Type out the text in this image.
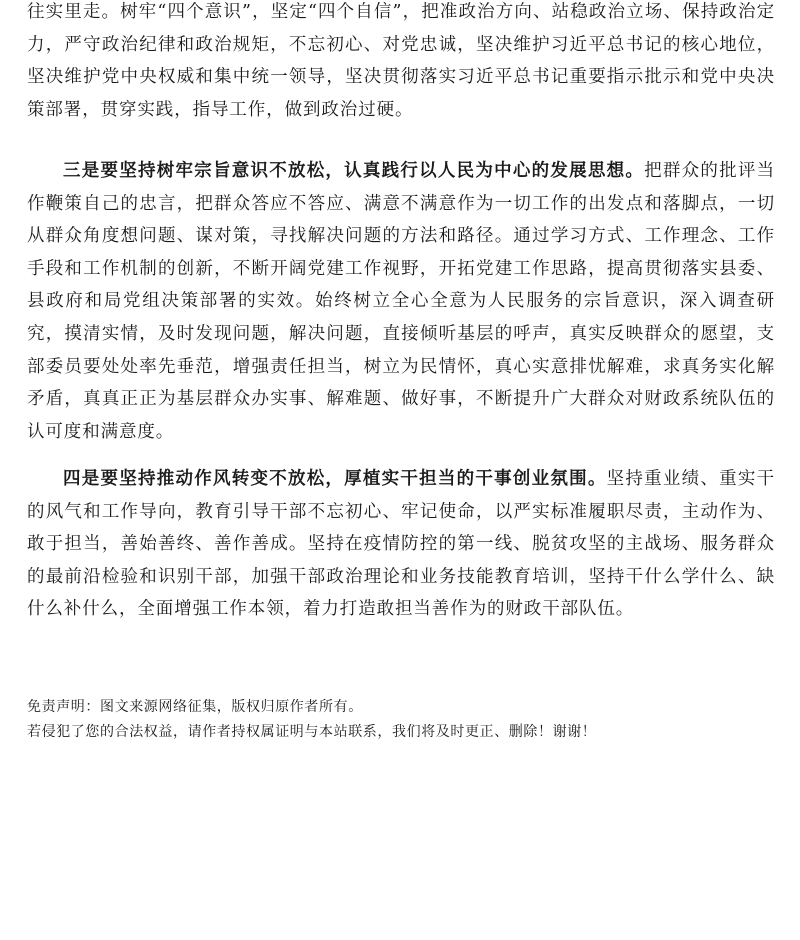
往实里走。树牢“四个意识”，坚定“四个自信”，把准政治方向、站稳政治立场、保持政治定力，严守政治纪律和政治规矩，不忘初心、对党忠诚，坚决维护习近平总书记的核心地位，坚决维护党中央权威和集中统一领导，坚决贯彻落实习近平总书记重要指示批示和党中央决策部署，贯穿实践，指导工作，做到政治过硬。

三是要坚持树牢宗旨意识不放松，认真践行以人民为中心的发展思想。把群众的批评当作鞭策自己的忠言，把群众答应不答应、满意不满意作为一切工作的出发点和落脚点，一切从群众角度想问题、谋对策，寻找解决问题的方法和路径。通过学习方式、工作理念、工作手段和工作机制的创新，不断开阔党建工作视野，开拓党建工作思路，提高贯彻落实县委、县政府和局党组决策部署的实效。始终树立全心全意为人民服务的宗旨意识，深入调查研究，摸清实情，及时发现问题，解决问题，直接倾听基层的呼声，真实反映群众的愿望，支部委员要处处率先垂范，增强责任担当，树立为民情怀，真心实意排忧解难，求真务实化解矛盾，真真正正为基层群众办实事、解难题、做好事，不断提升广大群众对财政系统队伍的认可度和满意度。

四是要坚持推动作风转变不放松，厚植实干担当的干事创业氛围。坚持重业绩、重实干的风气和工作导向，教育引导干部不忘初心、牢记使命，以严实标准履职尽责，主动作为、敢于担当，善始善终、善作善成。坚持在疫情防控的第一线、脱贫攻坚的主战场、服务群众的最前沿检验和识别干部，加强干部政治理论和业务技能教育培训，坚持干什么学什么、缺什么补什么，全面增强工作本领，着力打造敢担当善作为的财政干部队伍。

免责声明：图文来源网络征集，版权归原作者所有。

若侵犯了您的合法权益，请作者持权属证明与本站联系，我们将及时更正、删除！谢谢！
